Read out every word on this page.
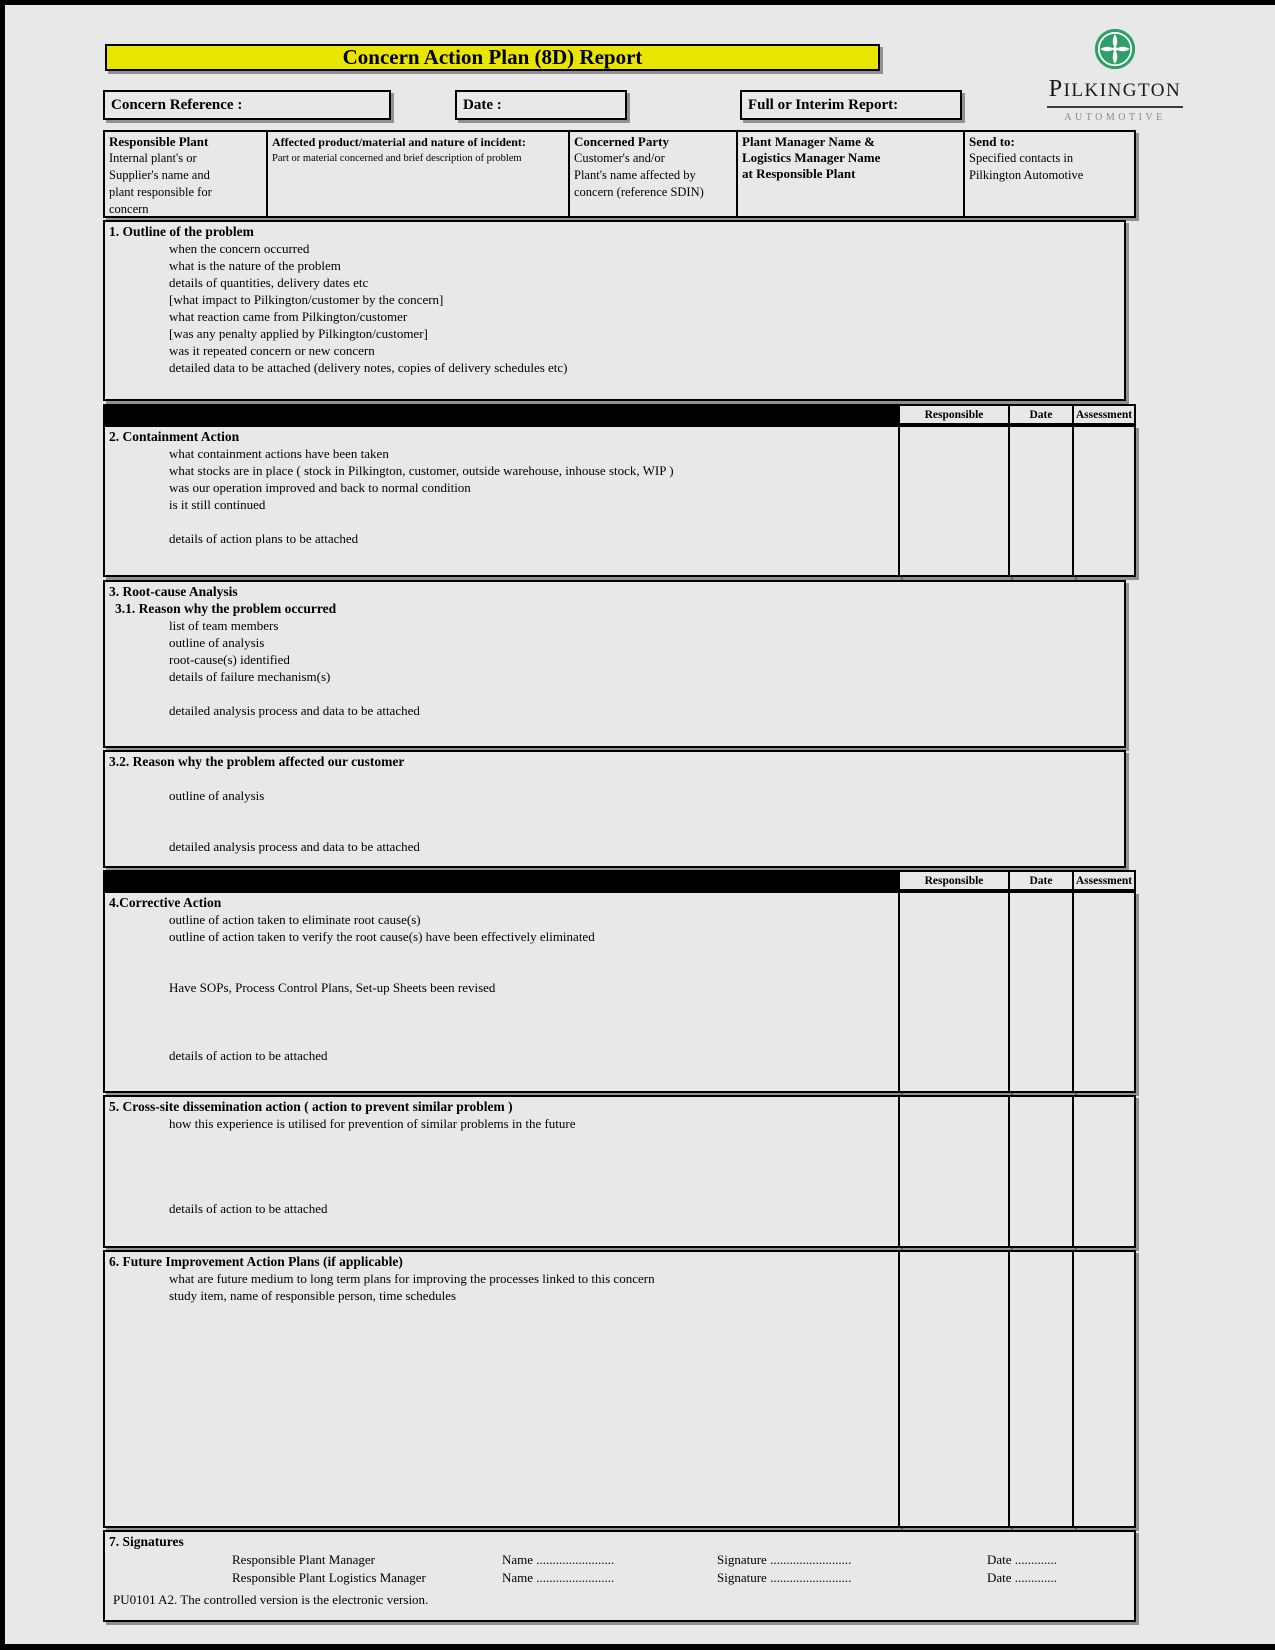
Concern Action Plan (8D) Report
PILKINGTON
AUTOMOTIVE
Concern Reference :	Date :	Full or Interim Report:
Responsible Plant
Internal plant's or
Supplier's name and
plant responsible for
concern
Affected product/material and nature of incident:
Part or material concerned and brief description of problem
Concerned Party
Customer's and/or
Plant's name affected by
concern (reference SDIN)
Plant Manager Name &
Logistics Manager Name
at Responsible Plant
Send to:
Specified contacts in
Pilkington Automotive
1. Outline of the problem
when the concern occurred
what is the nature of the problem
details of quantities, delivery dates etc
[what impact to Pilkington/customer by the concern]
what reaction came from Pilkington/customer
[was any penalty applied by Pilkington/customer]
was it repeated concern or new concern
detailed data to be attached (delivery notes, copies of delivery schedules etc)
Responsible	Date	Assessment
2. Containment Action
what containment actions have been taken
what stocks are in place ( stock in Pilkington, customer, outside warehouse, inhouse stock, WIP )
was our operation improved and back to normal condition
is it still continued
details of action plans to be attached
3. Root-cause Analysis
3.1. Reason why the problem occurred
list of team members
outline of analysis
root-cause(s) identified
details of failure mechanism(s)
detailed analysis process and data to be attached
3.2. Reason why the problem affected our customer
outline of analysis
detailed analysis process and data to be attached
Responsible	Date	Assessment
4.Corrective Action
outline of action taken to eliminate root cause(s)
outline of action taken to verify the root cause(s) have been effectively eliminated
Have SOPs, Process Control Plans, Set-up Sheets been revised
details of action to be attached
5. Cross-site dissemination action ( action to prevent similar problem )
how this experience is utilised for prevention of similar problems in the future
details of action to be attached
6. Future Improvement Action Plans (if applicable)
what are future medium to long term plans for improving the processes linked to this concern
study item, name of responsible person, time schedules
7. Signatures
Responsible Plant Manager	Name ........................	Signature .........................	Date .............
Responsible Plant Logistics Manager	Name ........................	Signature .........................	Date .............
PU0101 A2. The controlled version is the electronic version.
